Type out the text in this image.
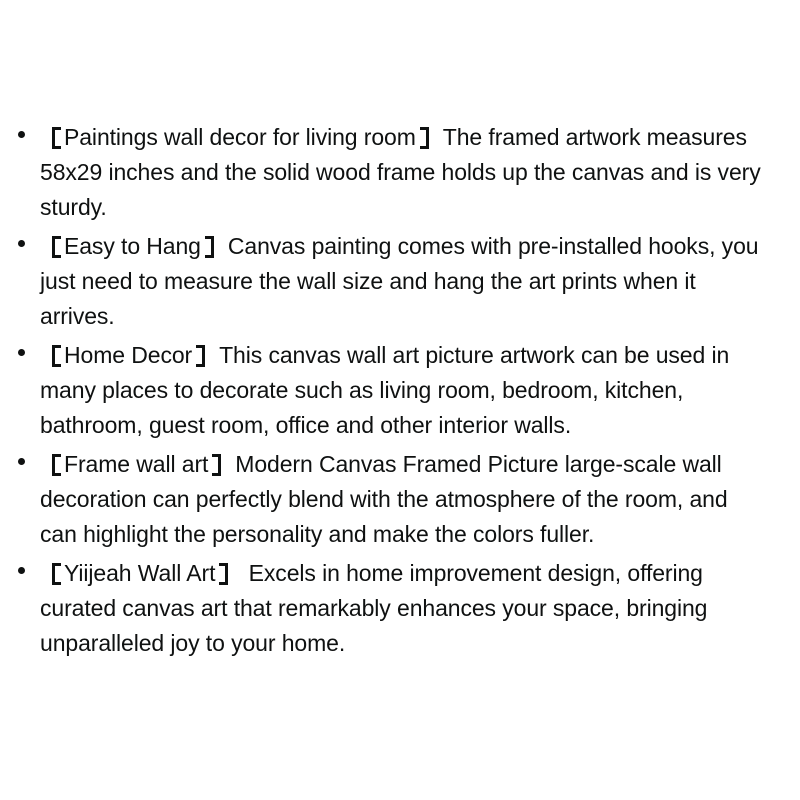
Paintings wall decor for living room The framed artwork measures 58x29 inches and the solid wood frame holds up the canvas and is very sturdy.
Easy to Hang Canvas painting comes with pre-installed hooks, you just need to measure the wall size and hang the art prints when it arrives.
Home Decor This canvas wall art picture artwork can be used in many places to decorate such as living room, bedroom, kitchen, bathroom, guest room, office and other interior walls.
Frame wall art Modern Canvas Framed Picture large-scale wall decoration can perfectly blend with the atmosphere of the room, and can highlight the personality and make the colors fuller.
Yiijeah Wall Art Excels in home improvement design, offering curated canvas art that remarkably enhances your space, bringing unparalleled joy to your home.
